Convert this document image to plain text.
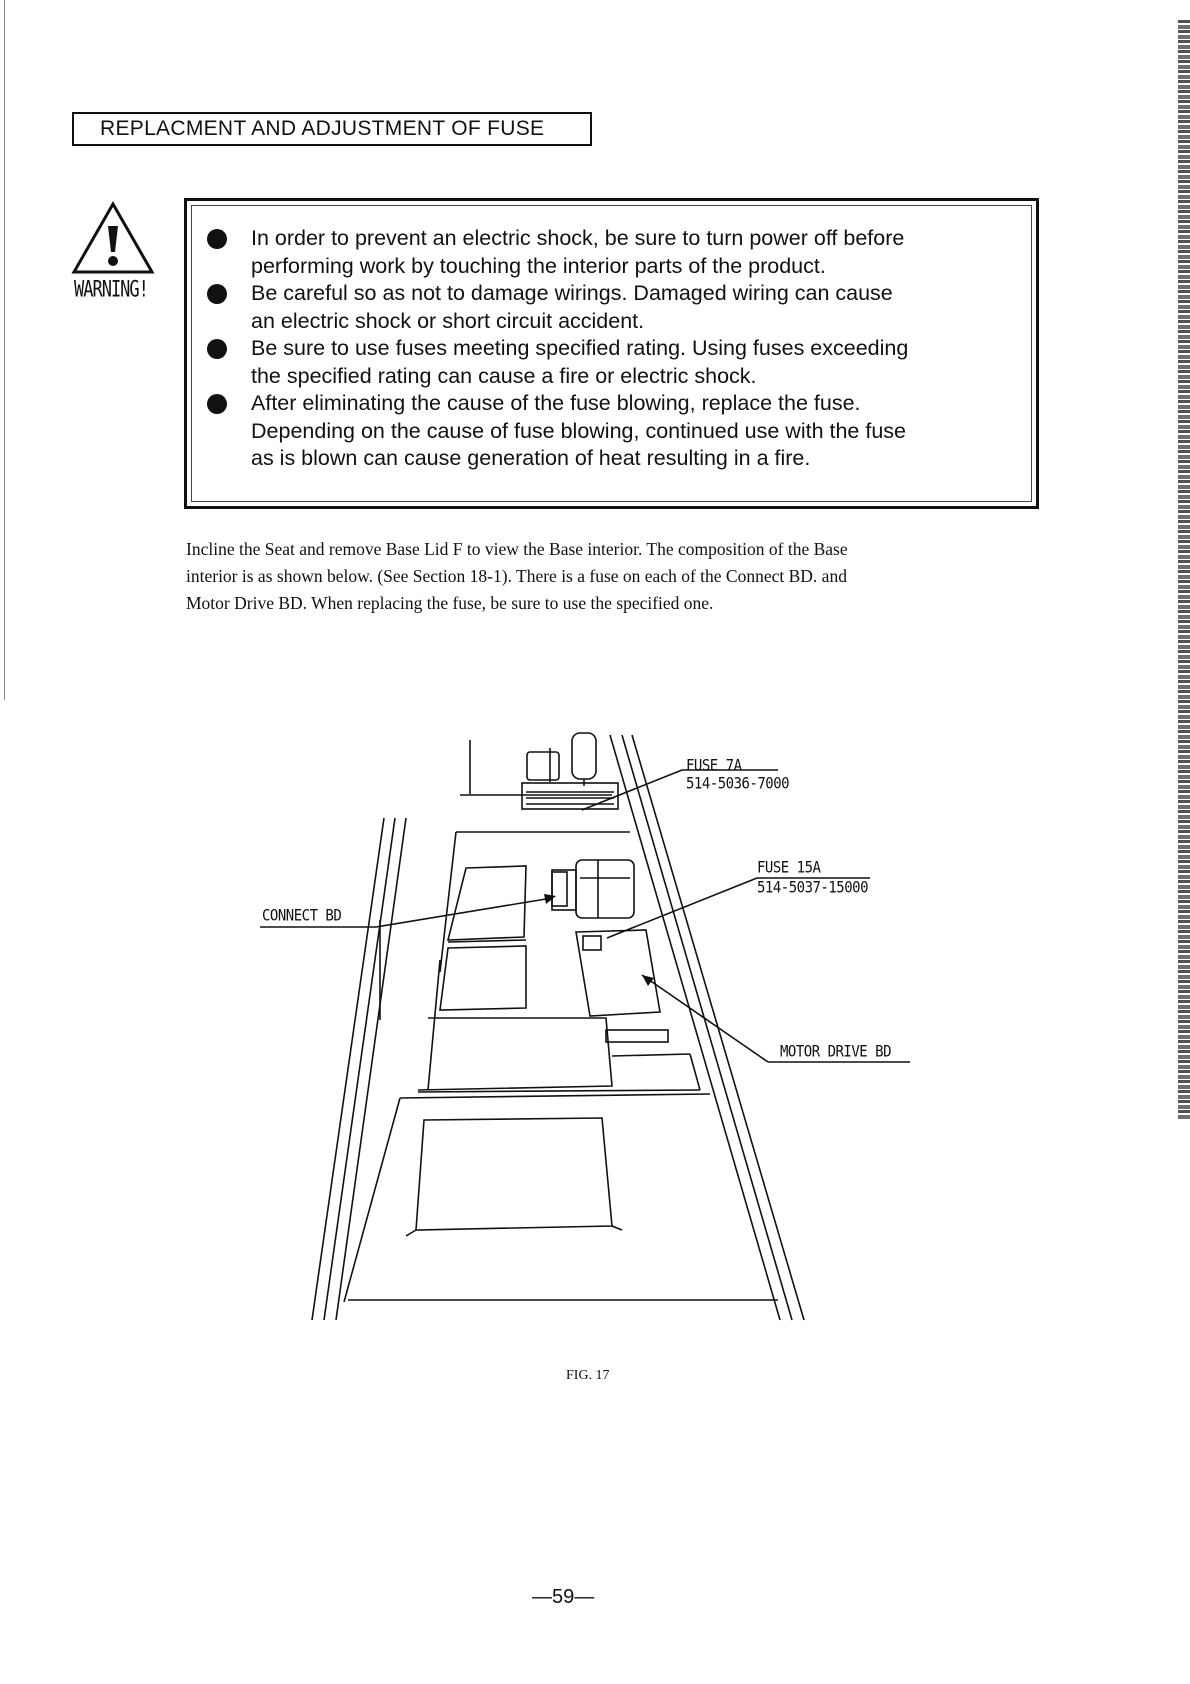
REPLACMENT AND ADJUSTMENT OF FUSE
WARNING!
In order to prevent an electric shock, be sure to turn power off before
performing work by touching the interior parts of the product.
Be careful so as not to damage wirings. Damaged wiring can cause
an electric shock or short circuit accident.
Be sure to use fuses meeting specified rating. Using fuses exceeding
the specified rating can cause a fire or electric shock.
After eliminating the cause of the fuse blowing, replace the fuse.
Depending on the cause of fuse blowing, continued use with the fuse
as is blown can cause generation of heat resulting in a fire.
Incline the Seat and remove Base Lid F to view the Base interior. The composition of the Base
interior is as shown below. (See Section 18-1). There is a fuse on each of the Connect BD. and
Motor Drive BD. When replacing the fuse, be sure to use the specified one.
FUSE 7A
514-5036-7000
FUSE 15A
514-5037-15000
CONNECT BD
MOTOR DRIVE BD
FIG. 17
—59—
